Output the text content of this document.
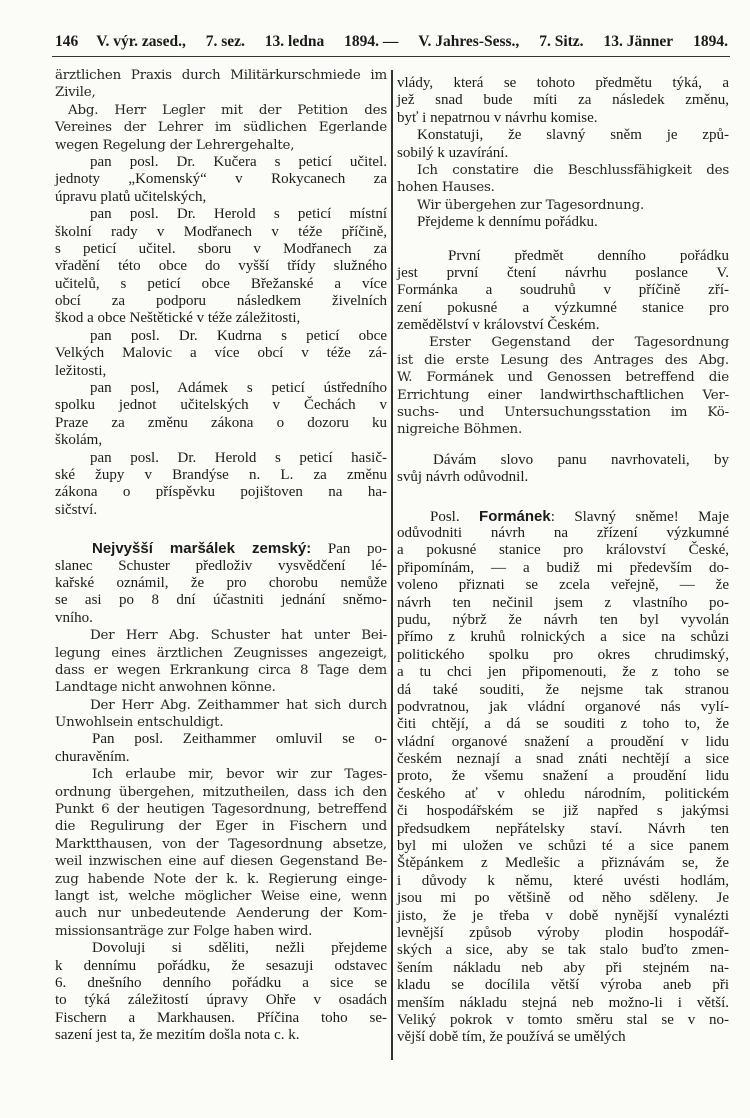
146 V. výr. zased., 7. sez. 13. ledna 1894. — V. Jahres-Sess., 7. Sitz. 13. Jänner 1894.
ärztlichen Praxis durch Militärkurschmiede im
Zivile,
Abg. Herr Legler mit der Petition des
Vereines der Lehrer im südlichen Egerlande
wegen Regelung der Lehrergehalte,
pan posl. Dr. Kučera s peticí učitel.
jednoty „Komenský“ v Rokycanech za
úpravu platů učitelských,
pan posl. Dr. Herold s peticí místní
školní rady v Modřanech v téže příčině,
s peticí učitel. sboru v Modřanech za
vřadění této obce do vyšší třídy služného
učitelů, s peticí obce Břežanské a více
obcí za podporu následkem živelních
škod a obce Neštětické v téže záležitosti,
pan posl. Dr. Kudrna s peticí obce
Velkých Malovic a více obcí v téže zá-
ležitosti,
pan posl, Adámek s peticí ústředního
spolku jednot učitelských v Čechách v
Praze za změnu zákona o dozoru ku
školám,
pan posl. Dr. Herold s peticí hasič-
ské župy v Brandýse n. L. za změnu
zákona o příspěvku pojištoven na ha-
sičství.
Nejvyšší maršálek zemský: Pan po-
slanec Schuster předloživ vysvědčení lé-
kařské oznámil, že pro chorobu nemůže
se asi po 8 dní účastniti jednání sněmo-
vního.
Der Herr Abg. Schuster hat unter Bei-
legung eines ärztlichen Zeugnisses angezeigt,
dass er wegen Erkrankung circa 8 Tage dem
Landtage nicht anwohnen könne.
Der Herr Abg. Zeithammer hat sich durch
Unwohlsein entschuldigt.
Pan posl. Zeithammer omluvil se o-
churavěním.
Ich erlaube mir, bevor wir zur Tages-
ordnung übergehen, mitzutheilen, dass ich den
Punkt 6 der heutigen Tagesordnung, betreffend
die Regulirung der Eger in Fischern und
Marktthausen, von der Tagesordnung absetze,
weil inzwischen eine auf diesen Gegenstand Be-
zug habende Note der k. k. Regierung einge-
langt ist, welche möglicher Weise eine, wenn
auch nur unbedeutende Aenderung der Kom-
missionsanträge zur Folge haben wird.
Dovoluji si sděliti, nežli přejdeme
k dennímu pořádku, že sesazuji odstavec
6. dnešního denního pořádku a sice se
to týká záležitostí úpravy Ohře v osadách
Fischern a Markhausen. Příčina toho se-
sazení jest ta, že mezitím došla nota c. k.
vlády, která se tohoto předmětu týká, a
jež snad bude míti za následek změnu,
byť i nepatrnou v návrhu komise.
Konstatuji, že slavný sněm je způ-
sobilý k uzavírání.
Ich constatire die Beschlussfähigkeit des
hohen Hauses.
Wir übergehen zur Tagesordnung.
Přejdeme k dennímu pořádku.
První předmět denního pořádku
jest první čtení návrhu poslance V.
Formánka a soudruhů v příčině zří-
zení pokusné a výzkumné stanice pro
zemědělství v království Českém.
Erster Gegenstand der Tagesordnung
ist die erste Lesung des Antrages des Abg.
W. Formánek und Genossen betreffend die
Errichtung einer landwirthschaftlichen Ver-
suchs- und Untersuchungsstation im Kö-
nigreiche Böhmen.
Dávám slovo panu navrhovateli, by
svůj návrh odůvodnil.
Posl. Formánek: Slavný sněme! Maje
odůvodniti návrh na zřízení výzkumné
a pokusné stanice pro království České,
připomínám, — a budiž mi především do-
voleno přiznati se zcela veřejně, — že
návrh ten nečinil jsem z vlastního po-
pudu, nýbrž že návrh ten byl vyvolán
přímo z kruhů rolnických a sice na schůzi
politického spolku pro okres chrudimský,
a tu chci jen připomenouti, že z toho se
dá také souditi, že nejsme tak stranou
podvratnou, jak vládní organové nás vylí-
čiti chtějí, a dá se souditi z toho to, že
vládní organové snažení a proudění v lidu
českém neznají a snad znáti nechtějí a sice
proto, že všemu snažení a proudění lidu
českého ať v ohledu národním, politickém
či hospodářském se již napřed s jakýmsi
předsudkem nepřátelsky staví. Návrh ten
byl mi uložen ve schůzi té a sice panem
Štěpánkem z Medlešic a přiznávám se, že
i důvody k němu, které uvésti hodlám,
jsou mi po většině od něho sděleny. Je
jisto, že je třeba v době nynější vynalézti
levnější způsob výroby plodin hospodář-
ských a sice, aby se tak stalo buďto zmen-
šením nákladu neb aby při stejném na-
kladu se docílila větší výroba aneb při
menším nákladu stejná neb možno-li i větší.
Veliký pokrok v tomto směru stal se v no-
vější době tím, že používá se umělých
